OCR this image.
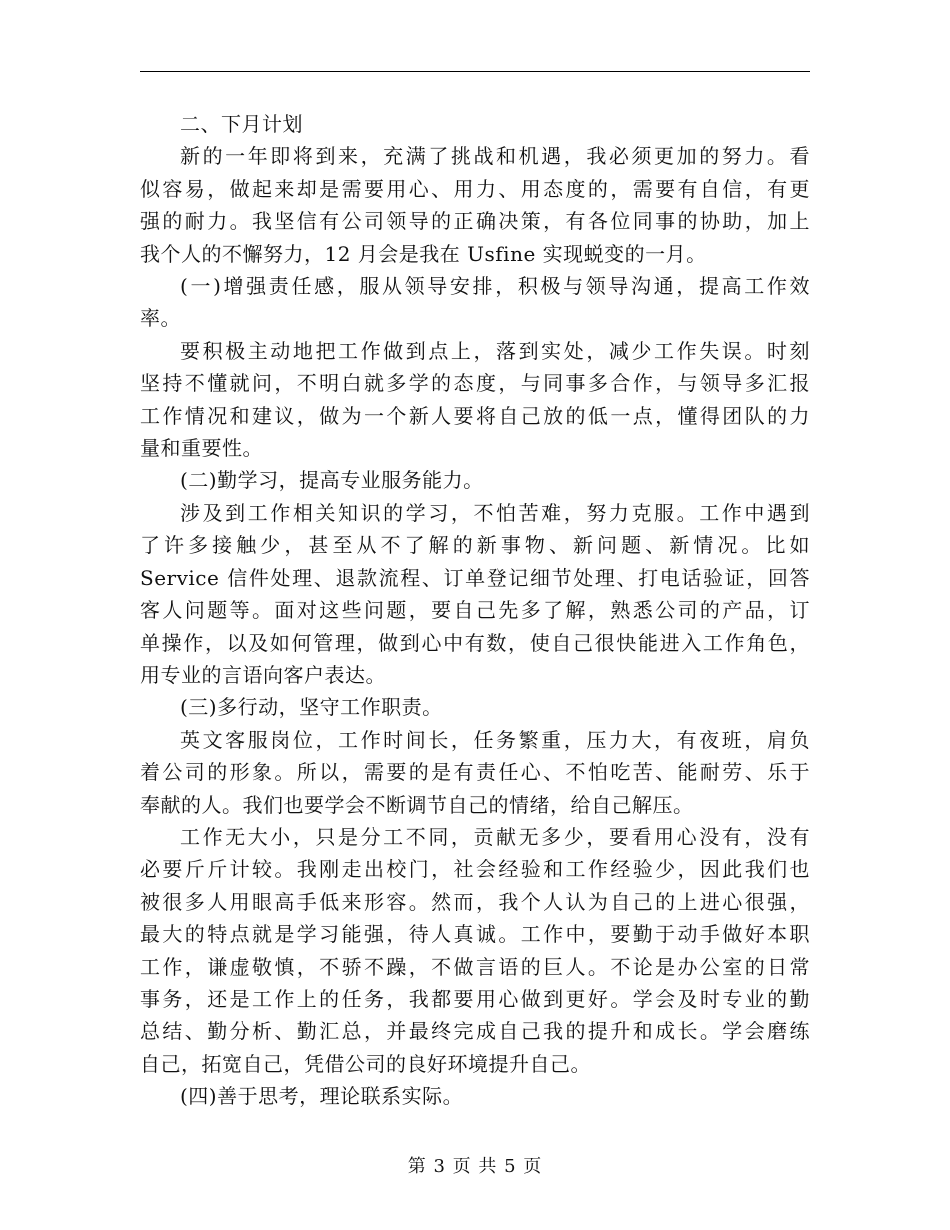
二、下月计划
新的一年即将到来，充满了挑战和机遇，我必须更加的努力。看
似容易，做起来却是需要用心、用力、用态度的，需要有自信，有更
强的耐力。我坚信有公司领导的正确决策，有各位同事的协助，加上
我个人的不懈努力，12 月会是我在 Usfine 实现蜕变的一月。
(一)增强责任感，服从领导安排，积极与领导沟通，提高工作效
率。
要积极主动地把工作做到点上，落到实处，减少工作失误。时刻
坚持不懂就问，不明白就多学的态度，与同事多合作，与领导多汇报
工作情况和建议，做为一个新人要将自己放的低一点，懂得团队的力
量和重要性。
(二)勤学习，提高专业服务能力。
涉及到工作相关知识的学习，不怕苦难，努力克服。工作中遇到
了许多接触少，甚至从不了解的新事物、新问题、新情况。比如
Service 信件处理、退款流程、订单登记细节处理、打电话验证，回答
客人问题等。面对这些问题，要自己先多了解，熟悉公司的产品，订
单操作，以及如何管理，做到心中有数，使自己很快能进入工作角色，
用专业的言语向客户表达。
(三)多行动，坚守工作职责。
英文客服岗位，工作时间长，任务繁重，压力大，有夜班，肩负
着公司的形象。所以，需要的是有责任心、不怕吃苦、能耐劳、乐于
奉献的人。我们也要学会不断调节自己的情绪，给自己解压。
工作无大小，只是分工不同，贡献无多少，要看用心没有，没有
必要斤斤计较。我刚走出校门，社会经验和工作经验少，因此我们也
被很多人用眼高手低来形容。然而，我个人认为自己的上进心很强，
最大的特点就是学习能强，待人真诚。工作中，要勤于动手做好本职
工作，谦虚敬慎，不骄不躁，不做言语的巨人。不论是办公室的日常
事务，还是工作上的任务，我都要用心做到更好。学会及时专业的勤
总结、勤分析、勤汇总，并最终完成自己我的提升和成长。学会磨练
自己，拓宽自己，凭借公司的良好环境提升自己。
(四)善于思考，理论联系实际。
第 3 页 共 5 页
